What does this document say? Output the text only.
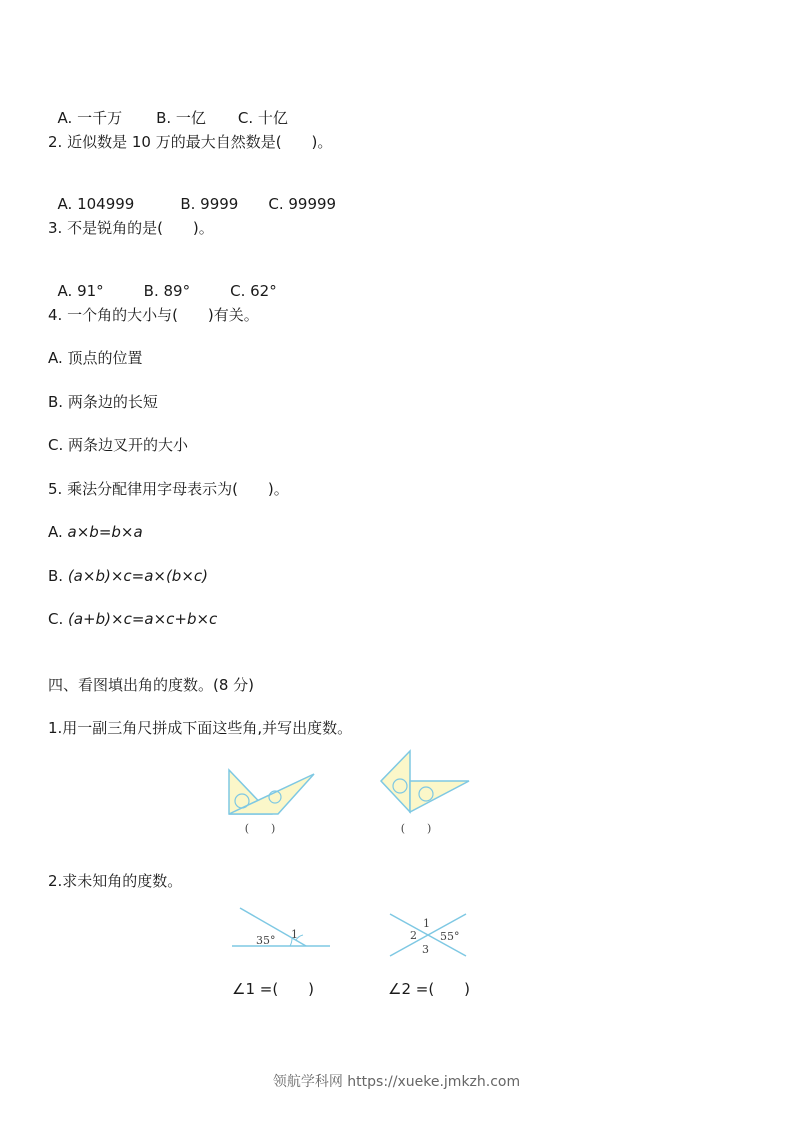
A. 一千万 B. 一亿 C. 十亿

2. 近似数是 10 万的最大自然数是(　　)。

A. 104999	B. 9999 C. 99999

3. 不是锐角的是(　　)。

A. 91°	B. 89°	C. 62°

4. 一个角的大小与(　　)有关。
A. 顶点的位置
B. 两条边的长短
C. 两条边叉开的大小
5. 乘法分配律用字母表示为(　　)。
A. a×b=b×a
B. (a×b)×c=a×(b×c)
C. (a+b)×c=a×c+b×c
四、看图填出角的度数。(8 分)
1.用一副三角尺拼成下面这些角,并写出度数。
(　　)	(　　)
2.求未知角的度数。
35° 1
1
2 55°
3
∠1 =(　　)	∠2 =(　　)
领航学科网 https://xueke.jmkzh.com
